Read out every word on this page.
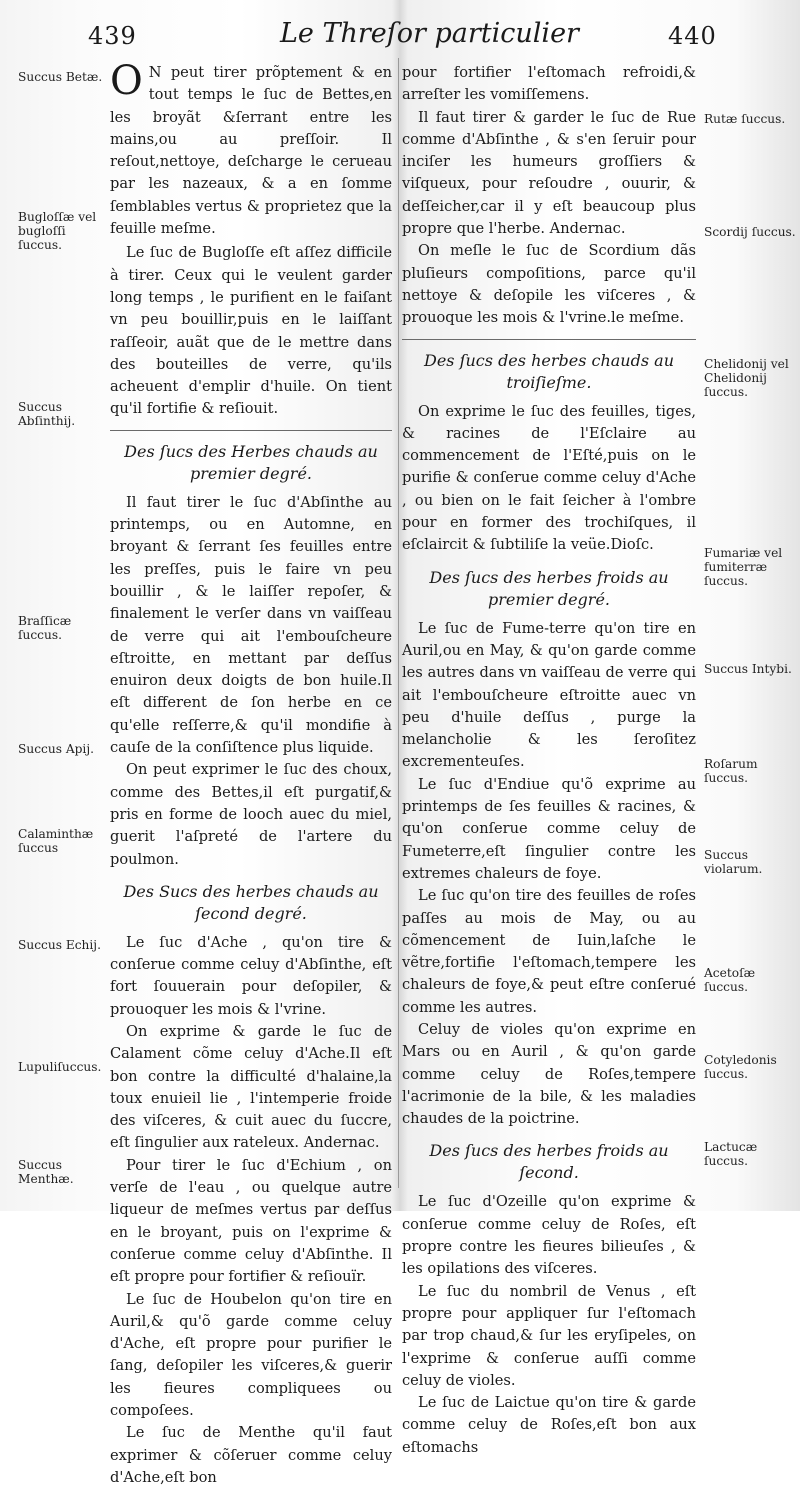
439	Le Threſor particulier	440

O N peut tirer prõptement & en tout temps le ſuc de Bettes,en les broyãt &ſerrant entre les mains,ou au preſſoir. Il reſout,nettoye, deſcharge le cerueau par les nazeaux, & a en ſomme ſemblables vertus & proprietez que la feuille meſme.

Le ſuc de Bugloſſe eſt aſſez difficile à tirer. Ceux qui le veulent garder long temps , le purifient en le faiſant vn peu bouillir,puis en le laiſſant raſſeoir, auãt que de le mettre dans des bouteilles de verre, qu'ils acheuent d'emplir d'huile. On tient qu'il fortifie & reſiouit.

Des ſucs des Herbes chauds au premier degré.

Il faut tirer le ſuc d'Abſinthe au printemps, ou en Automne, en broyant & ſerrant ſes feuilles entre les preſſes, puis le faire vn peu bouillir , & le laiſſer repoſer, & finalement le verſer dans vn vaiſſeau de verre qui ait l'embouſcheure eſtroitte, en mettant par deſſus enuiron deux doigts de bon huile.Il eſt different de ſon herbe en ce qu'elle reſſerre,& qu'il mondifie à cauſe de la conſiſtence plus liquide.

On peut exprimer le ſuc des choux, comme des Bettes,il eſt purgatif,& pris en forme de looch auec du miel, guerit l'aſpreté de l'artere du poulmon.

Des Sucs des herbes chauds au ſecond degré.

Le ſuc d'Ache , qu'on tire & conſerue comme celuy d'Abſinthe, eſt fort ſouuerain pour deſopiler, & prouoquer les mois & l'vrine.

On exprime & garde le ſuc de Calament cõme celuy d'Ache.Il eſt bon contre la difficulté d'halaine,la toux enuieil lie , l'intemperie froide des viſceres, & cuit auec du ſuccre, eſt ſingulier aux rateleux. Andernac.

Pour tirer le ſuc d'Echium , on verſe de l'eau , ou quelque autre liqueur de meſmes vertus par deſſus en le broyant, puis on l'exprime & conſerue comme celuy d'Abſinthe. Il eſt propre pour fortifier & reſiouïr.

Le ſuc de Houbelon qu'on tire en Auril,& qu'õ garde comme celuy d'Ache, eſt propre pour purifier le ſang, deſopiler les viſceres,& guerir les fieures compliquees ou compoſees.

Le ſuc de Menthe qu'il faut exprimer & cõſeruer comme celuy d'Ache,eſt bon

Succus Betæ.
Bugloſſæ vel bugloſſi ſuccus.
Succus Abſinthij.
Braſſicæ ſuccus.
Succus Apij.
Calaminthæ ſuccus
Succus Echij.
Lupuliſuccus.
Succus Menthæ.

pour fortifier l'eſtomach refroidi,& arreſter les vomiſſemens.

Il faut tirer & garder le ſuc de Rue comme d'Abſinthe , & s'en ſeruir pour inciſer les humeurs groſſiers & viſqueux, pour reſoudre , ouurir, & deſſeicher,car il y eſt beaucoup plus propre que l'herbe. Andernac.

On meſle le ſuc de Scordium dãs pluſieurs compoſitions, parce qu'il nettoye & deſopile les viſceres , & prouoque les mois & l'vrine.le meſme.

Des ſucs des herbes chauds au troiſieſme.

On exprime le ſuc des feuilles, tiges, & racines de l'Eſclaire au commencement de l'Eſté,puis on le purifie & conſerue comme celuy d'Ache , ou bien on le fait ſeicher à l'ombre pour en former des trochiſques, il eſclaircit & ſubtiliſe la veüe.Dioſc.

Des ſucs des herbes froids au premier degré.

Le ſuc de Fume-terre qu'on tire en Auril,ou en May, & qu'on garde comme les autres dans vn vaiſſeau de verre qui ait l'embouſcheure eſtroitte auec vn peu d'huile deſſus , purge la melancholie & les ſeroſitez excrementeuſes.

Le ſuc d'Endiue qu'õ exprime au printemps de ſes feuilles & racines, & qu'on conſerue comme celuy de Fumeterre,eſt ſingulier contre les extremes chaleurs de foye.

Le ſuc qu'on tire des feuilles de roſes paſſes au mois de May, ou au cõmencement de Iuin,laſche le vẽtre,fortifie l'eſtomach,tempere les chaleurs de foye,& peut eſtre conſerué comme les autres.

Celuy de violes qu'on exprime en Mars ou en Auril , & qu'on garde comme celuy de Roſes,tempere l'acrimonie de la bile, & les maladies chaudes de la poictrine.

Des ſucs des herbes froids au ſecond.

Le ſuc d'Ozeille qu'on exprime & conſerue comme celuy de Roſes, eſt propre contre les fieures bilieuſes , & les opilations des viſceres.

Le ſuc du nombril de Venus , eſt propre pour appliquer ſur l'eſtomach par trop chaud,& ſur les eryſipeles, on l'exprime & conſerue auſſi comme celuy de violes.

Le ſuc de Laictue qu'on tire & garde comme celuy de Roſes,eſt bon aux eſtomachs

Rutæ ſuccus.
Scordij ſuccus.
Chelidonij vel Chelidonij ſuccus.
Fumariæ vel fumiterræ ſuccus.
Succus Intybi.
Roſarum ſuccus.
Succus violarum.
Acetoſæ ſuccus.
Cotyledonis ſuccus.
Lactucæ ſuccus.
